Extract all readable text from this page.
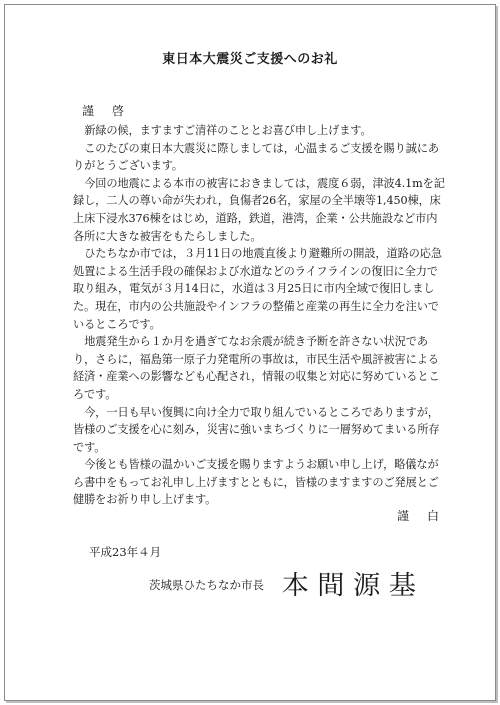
東日本大震災ご支援へのお礼
謹　啓

新緑の候，ますますご清祥のこととお喜び申し上げます。

このたびの東日本大震災に際しましては，心温まるご支援を賜り誠にありがとうございます。

今回の地震による本市の被害におきましては，震度６弱，津波4.1mを記録し，二人の尊い命が失われ，負傷者26名，家屋の全半壊等1,450棟，床上床下浸水376棟をはじめ，道路，鉄道，港湾，企業・公共施設など市内各所に大きな被害をもたらしました。

ひたちなか市では，３月11日の地震直後より避難所の開設，道路の応急処置による生活手段の確保および水道などのライフラインの復旧に全力で取り組み，電気が３月14日に，水道は３月25日に市内全域で復旧しました。現在，市内の公共施設やインフラの整備と産業の再生に全力を注いでいるところです。

地震発生から１か月を過ぎてなお余震が続き予断を許さない状況であり，さらに，福島第一原子力発電所の事故は，市民生活や風評被害による経済・産業への影響なども心配され，情報の収集と対応に努めているところです。

今，一日も早い復興に向け全力で取り組んでいるところでありますが，皆様のご支援を心に刻み，災害に強いまちづくりに一層努めてまいる所存です。

今後とも皆様の温かいご支援を賜りますようお願い申し上げ，略儀ながら書中をもってお礼申し上げますとともに，皆様のますますのご発展とご健勝をお祈り申し上げます。

謹　白
平成23年４月
茨城県ひたちなか市長 本間源基
